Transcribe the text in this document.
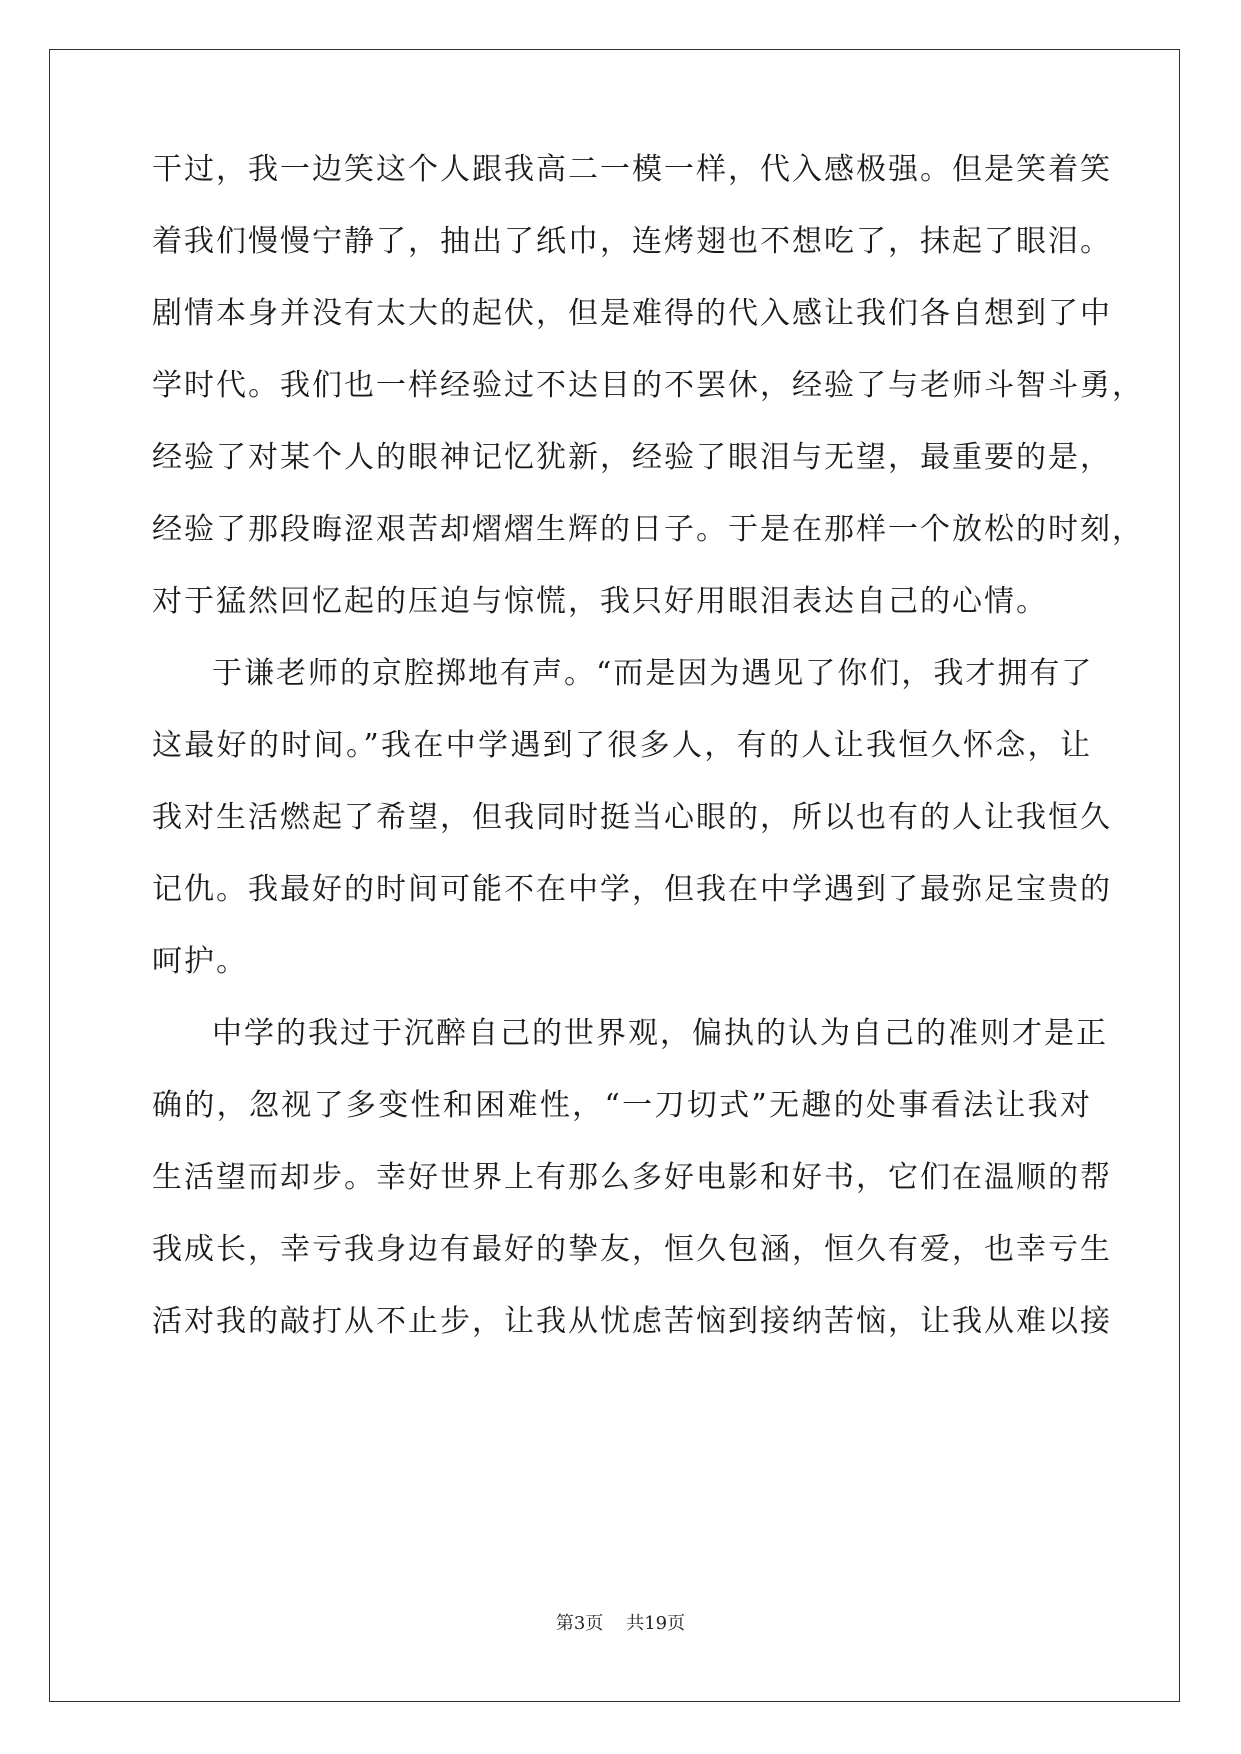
干过，我一边笑这个人跟我高二一模一样，代入感极强。但是笑着笑
着我们慢慢宁静了，抽出了纸巾，连烤翅也不想吃了，抹起了眼泪。
剧情本身并没有太大的起伏，但是难得的代入感让我们各自想到了中
学时代。我们也一样经验过不达目的不罢休，经验了与老师斗智斗勇，
经验了对某个人的眼神记忆犹新，经验了眼泪与无望，最重要的是，
经验了那段晦涩艰苦却熠熠生辉的日子。于是在那样一个放松的时刻，
对于猛然回忆起的压迫与惊慌，我只好用眼泪表达自己的心情。
于谦老师的京腔掷地有声。“而是因为遇见了你们，我才拥有了
这最好的时间。”我在中学遇到了很多人，有的人让我恒久怀念，让
我对生活燃起了希望，但我同时挺当心眼的，所以也有的人让我恒久
记仇。我最好的时间可能不在中学，但我在中学遇到了最弥足宝贵的
呵护。
中学的我过于沉醉自己的世界观，偏执的认为自己的准则才是正
确的，忽视了多变性和困难性，“一刀切式”无趣的处事看法让我对
生活望而却步。幸好世界上有那么多好电影和好书，它们在温顺的帮
我成长，幸亏我身边有最好的挚友，恒久包涵，恒久有爱，也幸亏生
活对我的敲打从不止步，让我从忧虑苦恼到接纳苦恼，让我从难以接
第3页 共19页
